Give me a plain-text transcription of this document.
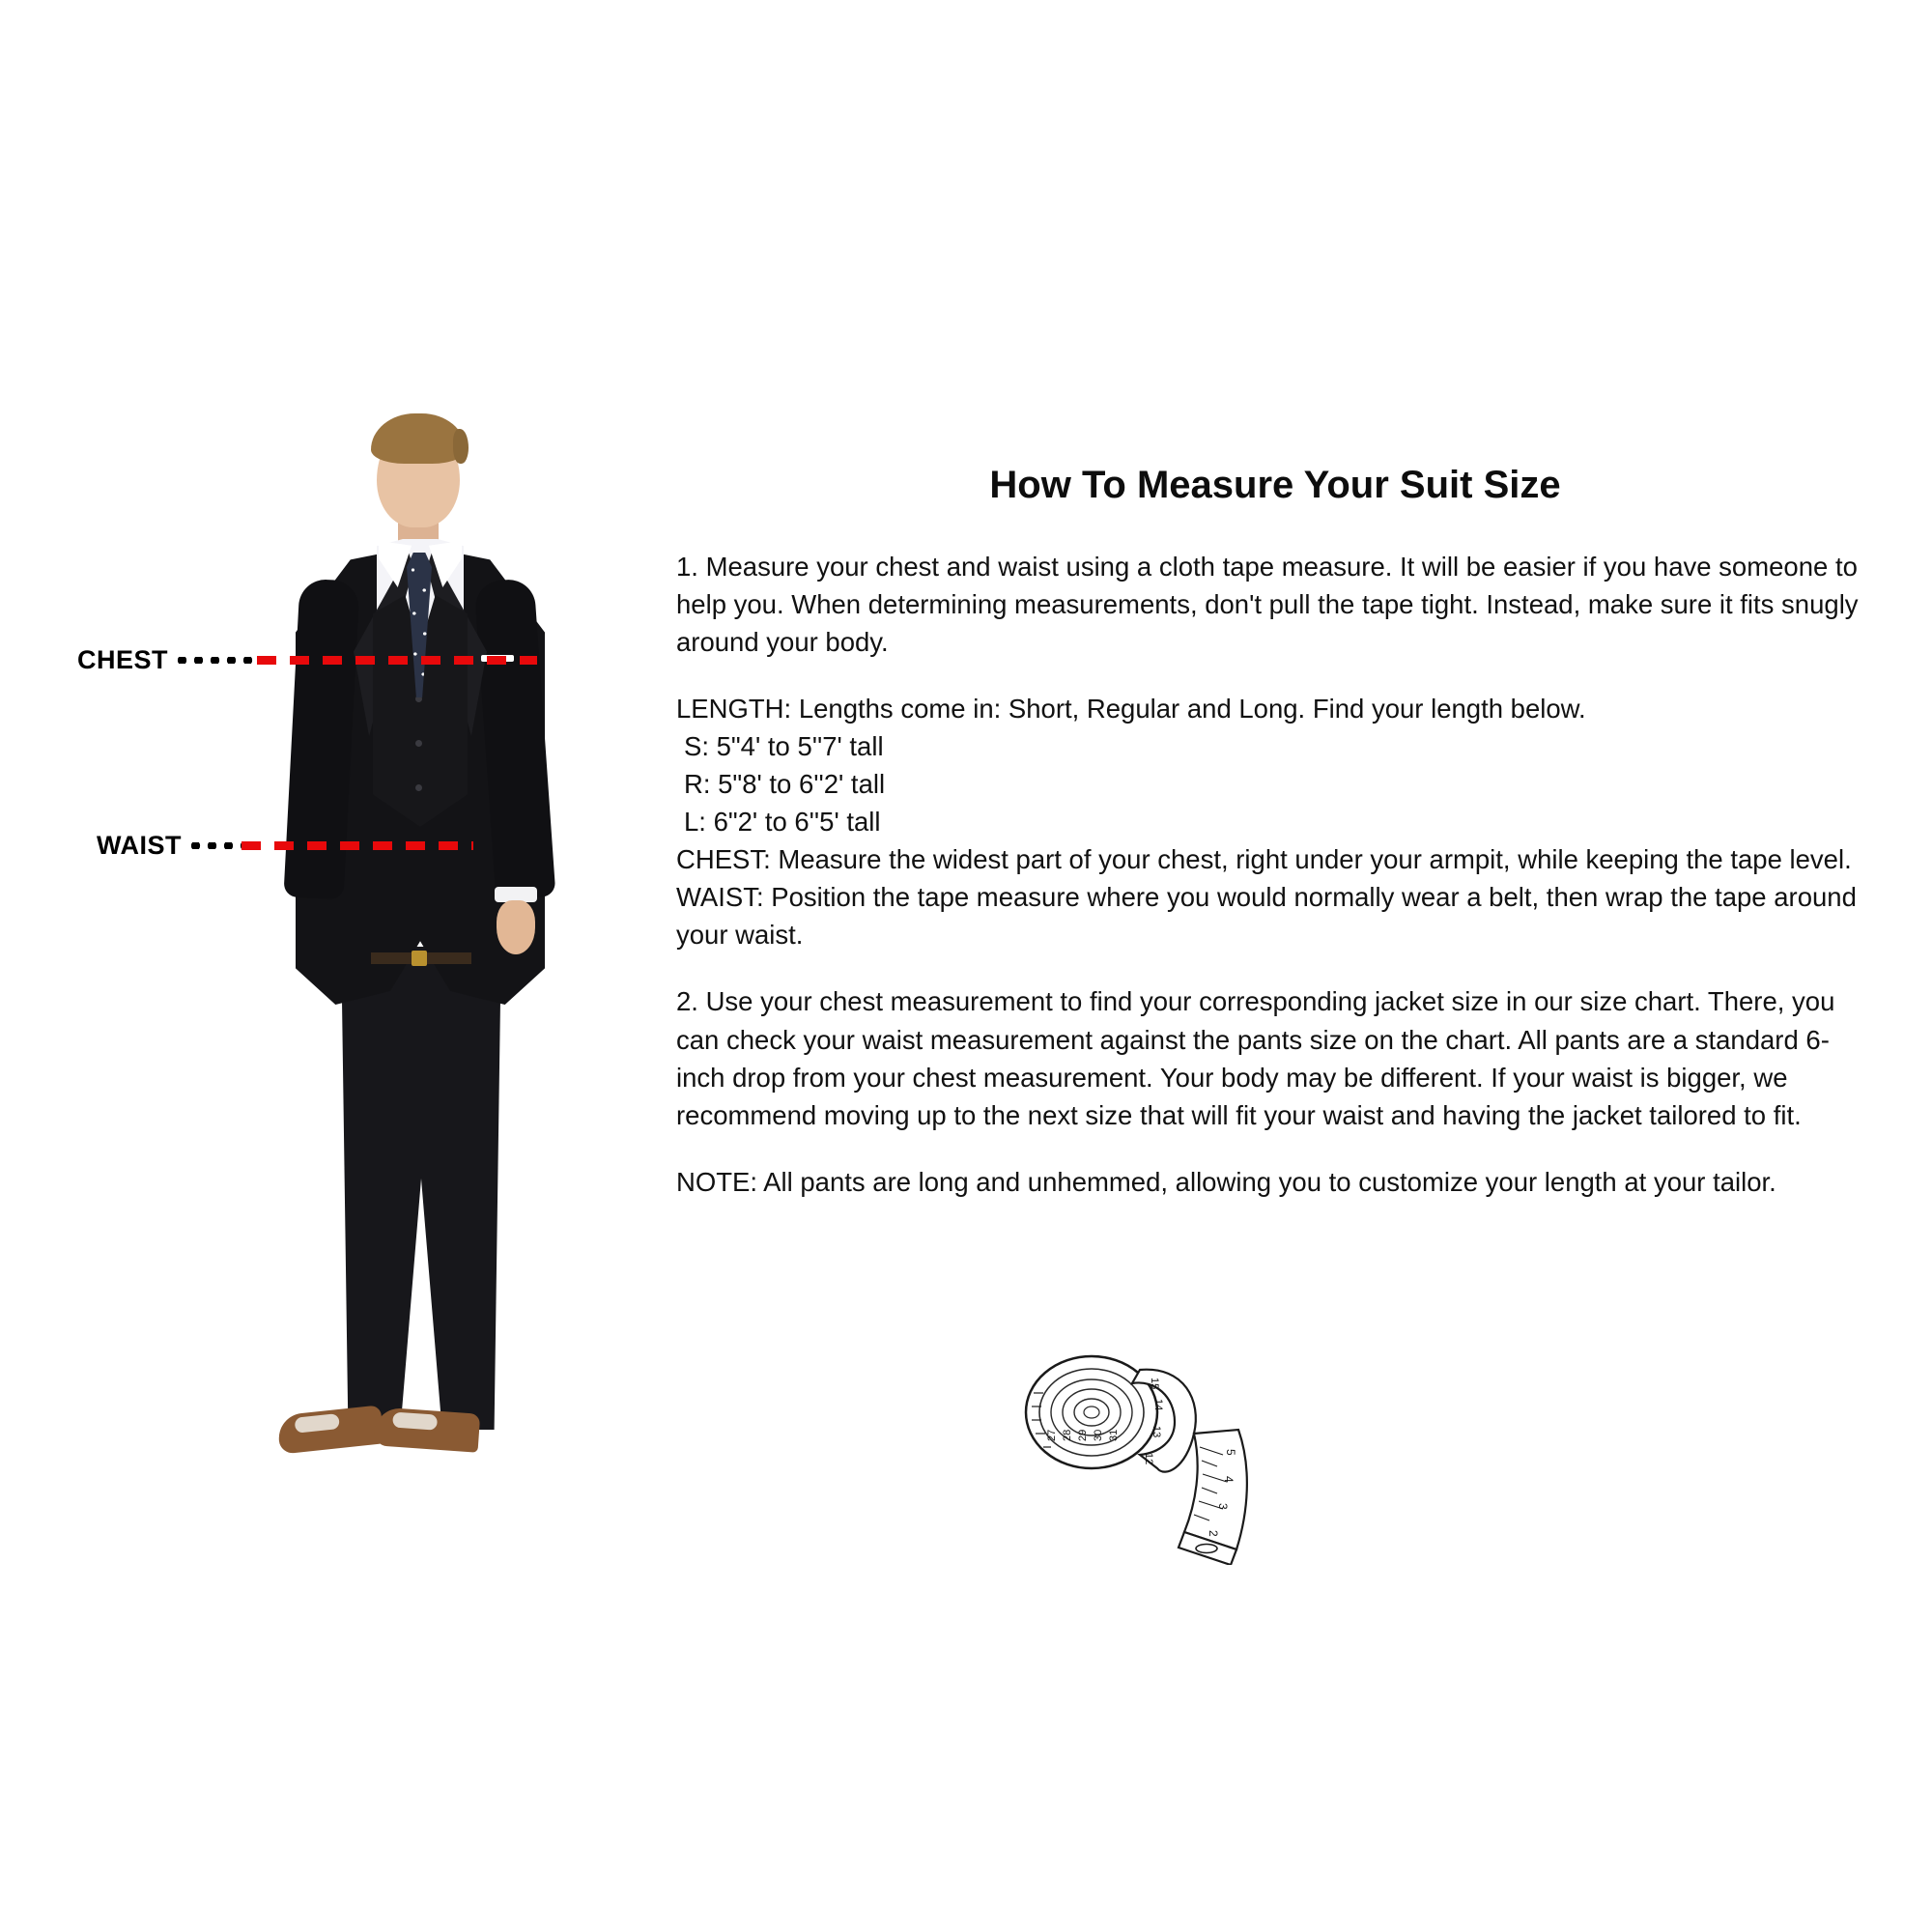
CHEST
WAIST
How To Measure Your Suit Size

1. Measure your chest and waist using a cloth tape measure. It will be easier if you have someone to help you. When determining measurements, don't pull the tape tight. Instead, make sure it fits snugly around your body.

LENGTH: Lengths come in: Short, Regular and Long. Find your length below.
S: 5"4' to 5''7' tall
R: 5"8' to 6''2' tall
L: 6"2' to 6''5' tall

CHEST: Measure the widest part of your chest, right under your armpit, while keeping the tape level.

WAIST: Position the tape measure where you would normally wear a belt, then wrap the tape around your waist.

2. Use your chest measurement to find your corresponding jacket size in our size chart. There, you can check your waist measurement against the pants size on the chart. All pants are a standard 6-inch drop from your chest measurement. Your body may be different. If your waist is bigger, we recommend moving up to the next size that will fit your waist and having the jacket tailored to fit.

NOTE: All pants are long and unhemmed, allowing you to customize your length at your tailor.

27 28 29 30 31
15
14
13
12
5
4
3
2
